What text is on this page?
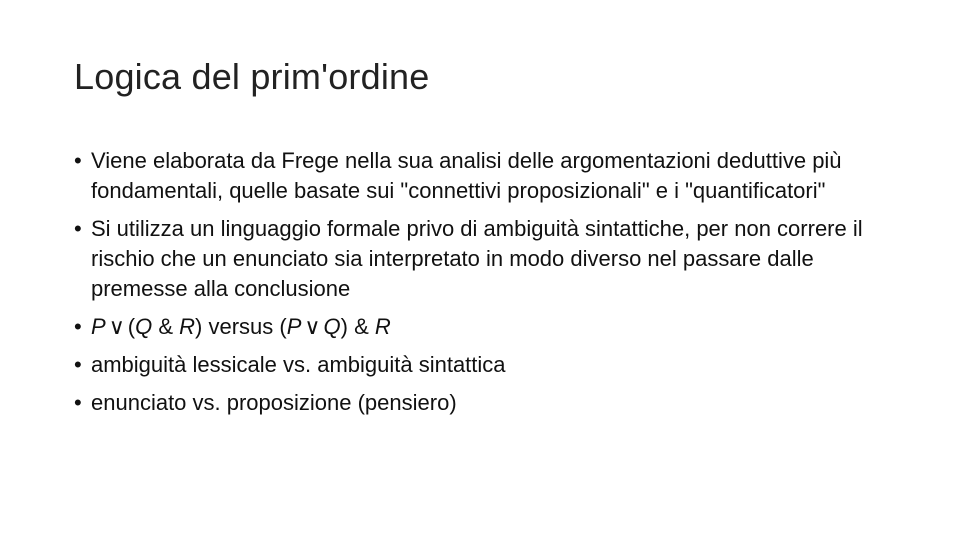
Logica del prim'ordine
• Viene elaborata da Frege nella sua analisi delle argomentazioni deduttive più fondamentali, quelle basate sui "connettivi proposizionali" e i "quantificatori"
• Si utilizza un linguaggio formale privo di ambiguità sintattiche, per non correre il rischio che un enunciato sia interpretato in modo diverso nel passare dalle premesse alla conclusione
• P ∨ (Q & R) versus (P ∨ Q) & R
• ambiguità lessicale vs. ambiguità sintattica
• enunciato vs. proposizione (pensiero)
